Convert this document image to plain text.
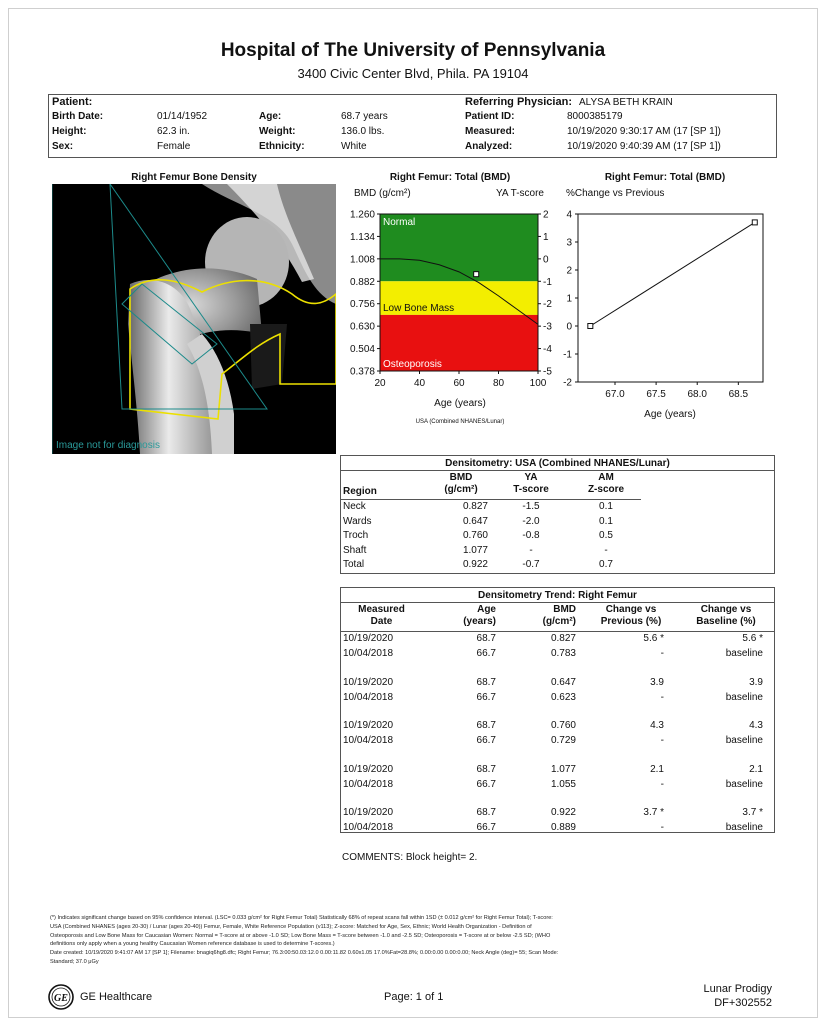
Hospital of The University of Pennsylvania
3400 Civic Center Blvd, Phila. PA 19104
Patient:
Birth Date:	01/14/1952
Height:	62.3 in.
Sex:	Female
Age:	68.7 years
Weight:	136.0 lbs.
Ethnicity:	White
Referring Physician: ALYSA BETH KRAIN
Patient ID:	8000385179
Measured:	10/19/2020 9:30:17 AM (17 [SP 1])
Analyzed:	10/19/2020 9:40:39 AM (17 [SP 1])
Right Femur Bone Density
Image not for diagnosis
Right Femur: Total (BMD)
BMD (g/cm²)	YA T-score
Normal
Low Bone Mass
Osteoporosis
1.260
1.134
1.008
0.882
0.756
0.630
0.504
0.378
2
1
0
-1
-2
-3
-4
-5
20	40	60	80	100
Age (years)
USA (Combined NHANES/Lunar)
Right Femur: Total (BMD)
%Change vs Previous
4
3
2
1
0
-1
-2
67.0 67.5 68.0 68.5
Age (years)
Densitometry: USA (Combined NHANES/Lunar)
BMD
(g/cm²)
YA
T-score
AM
Z-score
Region
Neck	0.827	-1.5	0.1
Wards	0.647	-2.0	0.1
Troch	0.760	-0.8	0.5
Shaft	1.077	-	-
Total	0.922	-0.7	0.7
Densitometry Trend: Right Femur
Measured
Date
Age
(years)
BMD
(g/cm²)
Change vs
Previous (%)
Change vs
Baseline (%)
10/19/2020	68.7	0.827	5.6 *	5.6 *
10/04/2018	66.7	0.783	-	baseline
10/19/2020	68.7	0.647	3.9	3.9
10/04/2018	66.7	0.623	-	baseline
10/19/2020	68.7	0.760	4.3	4.3
10/04/2018	66.7	0.729	-	baseline
10/19/2020	68.7	1.077	2.1	2.1
10/04/2018	66.7	1.055	-	baseline
10/19/2020	68.7	0.922	3.7 *	3.7 *
10/04/2018	66.7	0.889	-	baseline
COMMENTS: Block height= 2.
(*) Indicates significant change based on 95% confidence interval. (LSC= 0.033 g/cm² for Right Femur Total) Statistically 68% of repeat scans fall within 1SD (± 0.012 g/cm² for Right Femur Total); T-score:
USA (Combined NHANES (ages 20-30) / Lunar (ages 20-40)) Femur, Female, White Reference Population (v113); Z-score: Matched for Age, Sex, Ethnic; World Health Organization - Definition of
Osteoporosis and Low Bone Mass for Caucasian Women: Normal = T-score at or above -1.0 SD; Low Bone Mass = T-score between -1.0 and -2.5 SD; Osteoporosis = T-score at or below -2.5 SD; (WHO
definitions only apply when a young healthy Caucasian Women reference database is used to determine T-scores.)
Date created: 10/19/2020 9:41:07 AM 17 [SP 1]; Filename: bnagiq6hg8.dfc; Right Femur; 76.3:00:50.03:12.0 0.00:11.82 0.60x1.05 17.0%Fat=28.8%; 0.00:0.00 0.00:0.00; Neck Angle (deg)= 55; Scan Mode:
Standard; 37.0 μGy
GE GE Healthcare	Page: 1 of 1
Lunar Prodigy
DF+302552
